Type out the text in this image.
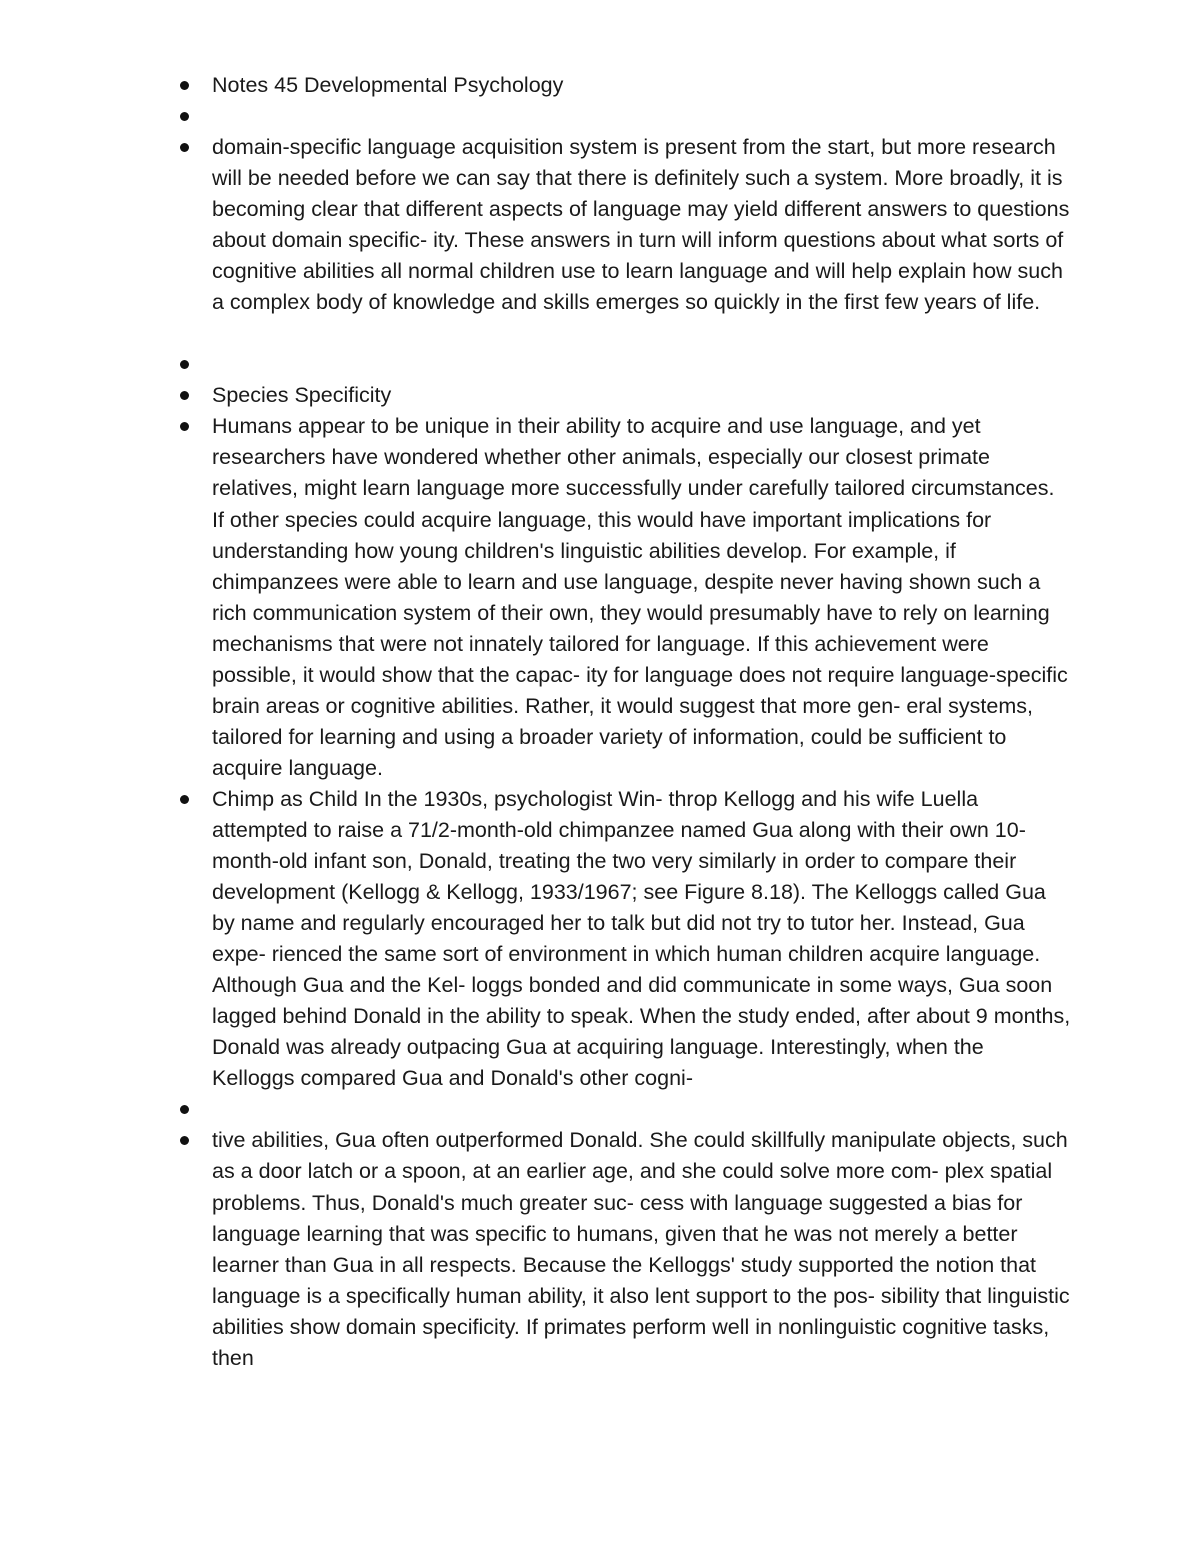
Notes 45 Developmental Psychology
domain-specific language acquisition system is present from the start, but more research will be needed before we can say that there is definitely such a system. More broadly, it is becoming clear that different aspects of language may yield different answers to questions about domain specific- ity. These answers in turn will inform questions about what sorts of cognitive abilities all normal children use to learn language and will help explain how such a complex body of knowledge and skills emerges so quickly in the first few years of life.
Species Specificity
Humans appear to be unique in their ability to acquire and use language, and yet researchers have wondered whether other animals, especially our closest primate relatives, might learn language more successfully under carefully tailored circumstances. If other species could acquire language, this would have important implications for understanding how young children's linguistic abilities develop. For example, if chimpanzees were able to learn and use language, despite never having shown such a rich communication system of their own, they would presumably have to rely on learning mechanisms that were not innately tailored for language. If this achievement were possible, it would show that the capac- ity for language does not require language-specific brain areas or cognitive abilities. Rather, it would suggest that more gen- eral systems, tailored for learning and using a broader variety of information, could be sufficient to acquire language.
Chimp as Child In the 1930s, psychologist Win- throp Kellogg and his wife Luella attempted to raise a 71/2-month-old chimpanzee named Gua along with their own 10-month-old infant son, Donald, treating the two very similarly in order to compare their development (Kellogg & Kellogg, 1933/1967; see Figure 8.18). The Kelloggs called Gua by name and regularly encouraged her to talk but did not try to tutor her. Instead, Gua expe- rienced the same sort of environment in which human children acquire language. Although Gua and the Kel- loggs bonded and did communicate in some ways, Gua soon lagged behind Donald in the ability to speak. When the study ended, after about 9 months, Donald was already outpacing Gua at acquiring language. Interestingly, when the Kelloggs compared Gua and Donald's other cogni-
tive abilities, Gua often outperformed Donald. She could skillfully manipulate objects, such as a door latch or a spoon, at an earlier age, and she could solve more com- plex spatial problems. Thus, Donald's much greater suc- cess with language suggested a bias for language learning that was specific to humans, given that he was not merely a better learner than Gua in all respects. Because the Kelloggs' study supported the notion that language is a specifically human ability, it also lent support to the pos- sibility that linguistic abilities show domain specificity. If primates perform well in nonlinguistic cognitive tasks, then
